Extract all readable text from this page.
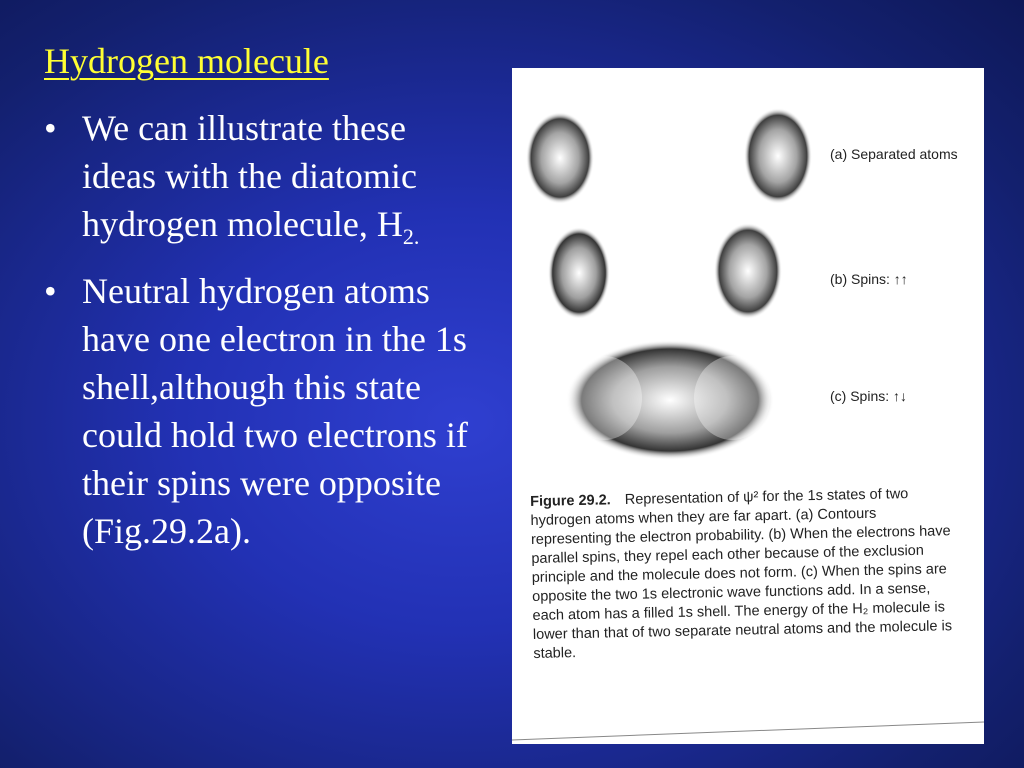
Hydrogen molecule
• We can illustrate these ideas with the diatomic hydrogen molecule, $H_{2.}$
• Neutral hydrogen atoms have one electron in the 1s shell,although this state could hold two electrons if their spins were opposite (Fig.29.2a).
(a) Separated atoms
(b) Spins: ↑↑
(c) Spins: ↑↓
Figure 29.2. Representation of ψ² for the 1s states of two hydrogen atoms when they are far apart. (a) Contours representing the electron probability. (b) When the electrons have parallel spins, they repel each other because of the exclusion principle and the molecule does not form. (c) When the spins are opposite the two 1s electronic wave functions add. In a sense, each atom has a filled 1s shell. The energy of the H₂ molecule is lower than that of two separate neutral atoms and the molecule is stable.
